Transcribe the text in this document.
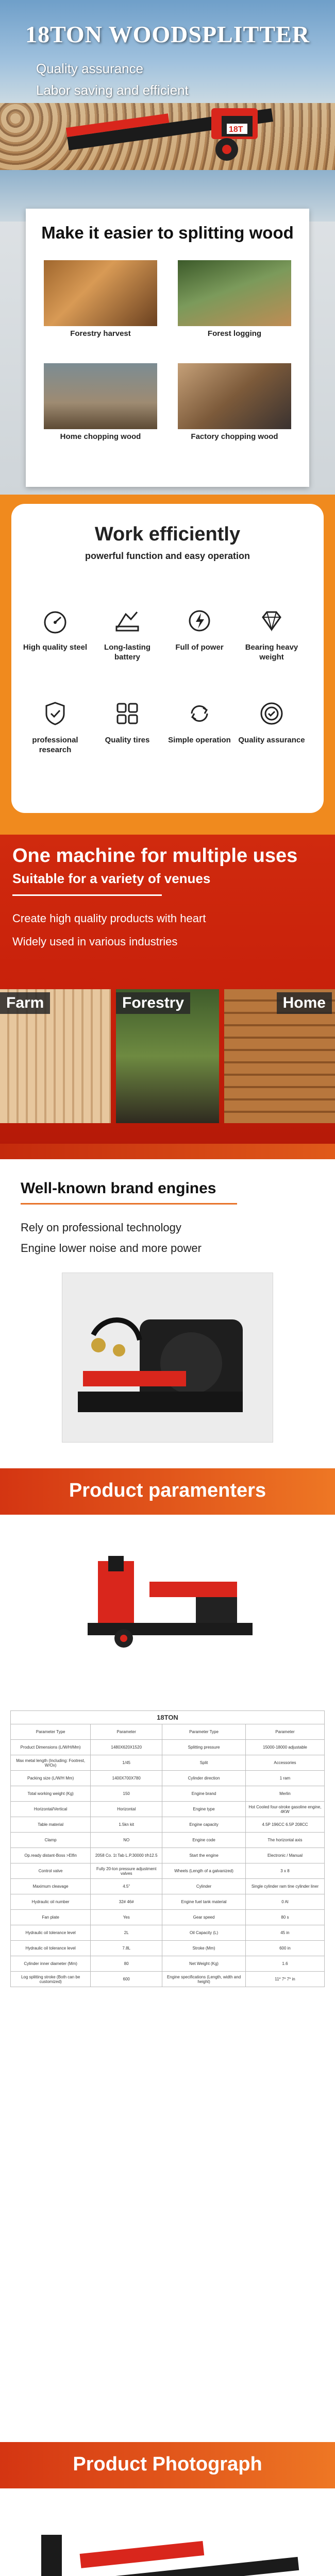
18TON WOODSPLITTER
Quality assurance
Labor saving and efficient
18T
Make it easier to splitting wood
Forestry harvest	Forest logging
Home chopping wood	Factory chopping wood
Work efficiently
powerful function and easy operation
High quality steel	Long-lasting battery
Full of power	Bearing heavy weight
professional research
Quality tires	Simple operation Quality assurance
One machine for multiple uses
Suitable for a variety of venues
Create high quality products with heart
Widely used in various industries
Farm	Forestry	Home
Well-known brand engines
Rely on professional technology
Engine lower noise and more power
Product paramenters
18TON			
Parameter Type	Parameter	Parameter Type	Parameter
Product Dimensions (L/W/H/Mm)	1480X620X1520	Splitting pressure	15000-18000 adjustable
Max metal length (Including: Footrest, W/Ox)	1/45	Split	Accessories
Packing size (L/W/H Mm)	1400X700X780	Cylinder direction	1 ram
Total working weight (Kg)	150	Engine brand	Merlin
Horizontal/Vertical	Horizontal	Engine type	Hot Cooled four-stroke gasoline engine, 4KW
Table material	1.5kn kit	Engine capacity	4.5P 196CC 6.5P 208CC
Clamp	NO	Engine code	The horizontal axis
Op.ready distant-Boss >Elfin	2058 Co. 1t Tab L.P.30000 t/h12.5	Start the engine	Electronic / Manual
Control valve	Fully 20-ton pressure adjustment valves	Wheels (Length of a galvanized)	3 x 8
Maximum cleavage	4.5"	Cylinder	Single cylinder ram tine cylinder liner
Hydraulic oil number	32# 46#	Engine fuel tank material	0 Al
Fan plate	Yes	Gear speed	80 s
Hydraulic oil tolerance level	2L	Oil Capacity (L)	45 in
Hydraulic oil tolerance level	7.8L	Stroke (Mm)	600 in
Cylinder inner diameter (Mm)	80	Net Weight (Kg)	1.6
Log splitting stroke (Both can be customized)	600	Engine specifications (Length, width and height)	11* 7* 7* in
Product Photograph
